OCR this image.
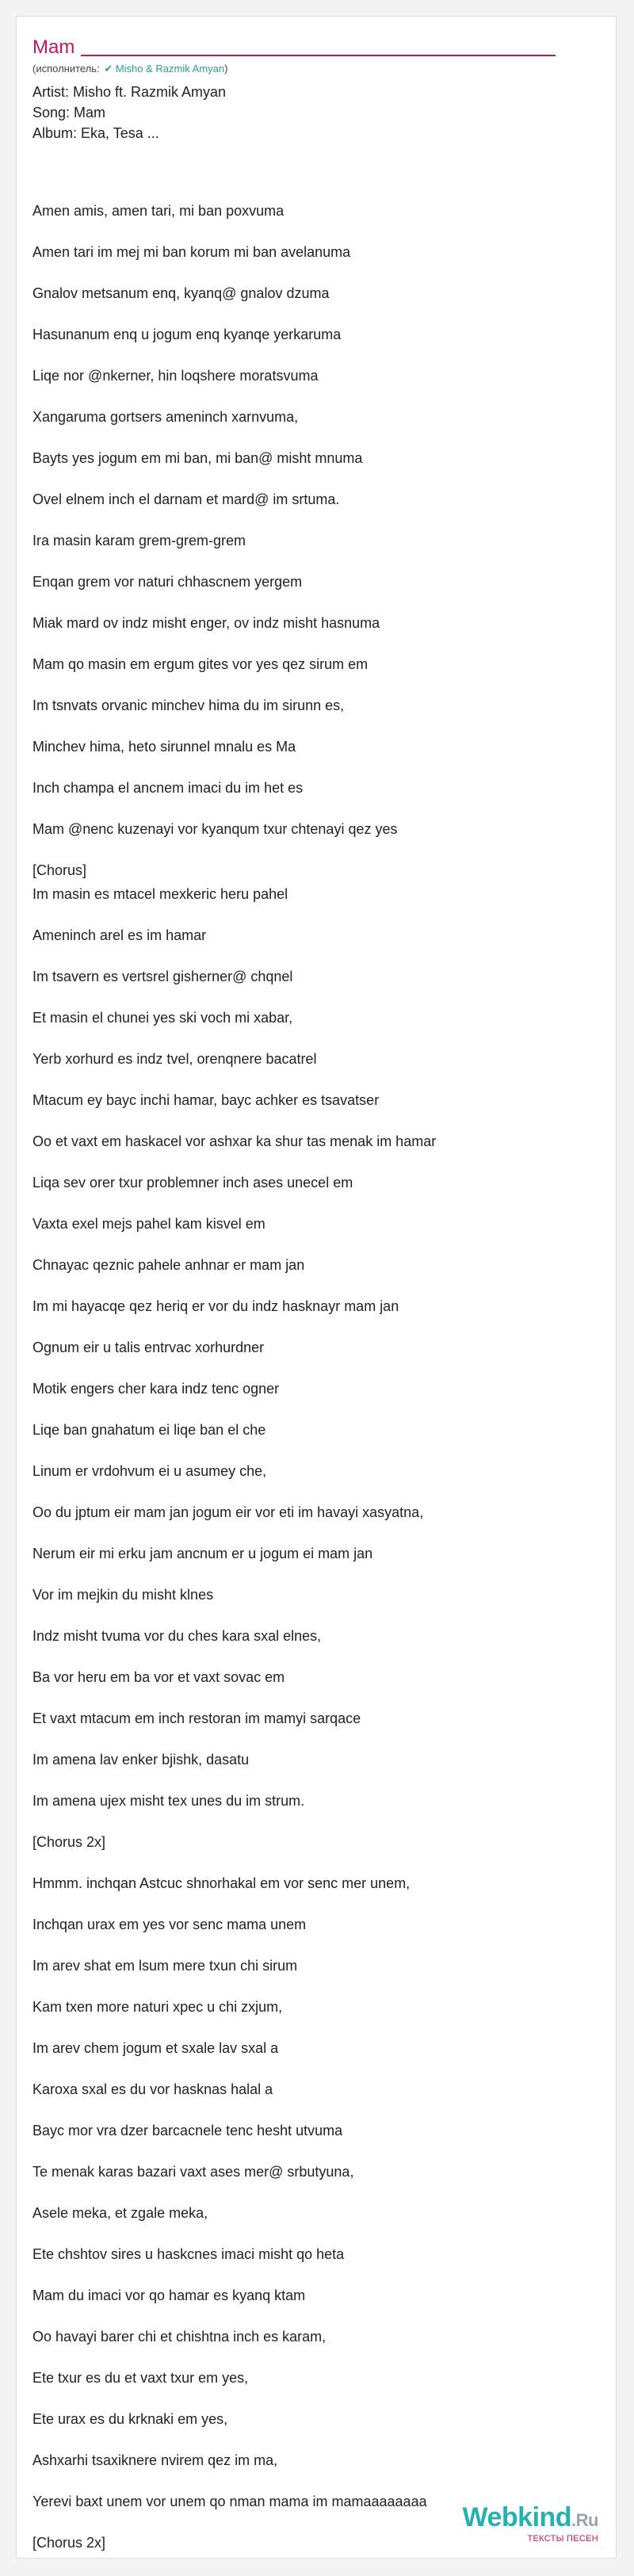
Mam
(исполнитель: ✔ Misho & Razmik Amyan)
Artist: Misho ft. Razmik Amyan
Song: Mam
Album: Eka, Tesa ...
Amen amis, amen tari, mi ban poxvuma
Amen tari im mej mi ban korum mi ban avelanuma
Gnalov metsanum enq, kyanq@ gnalov dzuma
Hasunanum enq u jogum enq kyanqe yerkaruma
Liqe nor @nkerner, hin loqshere moratsvuma
Xangaruma gortsers ameninch xarnvuma,
Bayts yes jogum em mi ban, mi ban@ misht mnuma
Ovel elnem inch el darnam et mard@ im srtuma.
Ira masin karam grem-grem-grem
Enqan grem vor naturi chhascnem yergem
Miak mard ov indz misht enger, ov indz misht hasnuma
Mam qo masin em ergum gites vor yes qez sirum em
Im tsnvats orvanic minchev hima du im sirunn es,
Minchev hima, heto sirunnel mnalu es Ma
Inch champa el ancnem imaci du im het es
Mam @nenc kuzenayi vor kyanqum txur chtenayi qez yes
[Chorus]
Im masin es mtacel mexkeric heru pahel
Ameninch arel es im hamar
Im tsavern es vertsrel gisherner@ chqnel
Et masin el chunei yes ski voch mi xabar,
Yerb xorhurd es indz tvel, orenqnere bacatrel
Mtacum ey bayc inchi hamar, bayc achker es tsavatser
Oo et vaxt em haskacel vor ashxar ka shur tas menak im hamar
Liqa sev orer txur problemner inch ases unecel em
Vaxta exel mejs pahel kam kisvel em
Chnayac qeznic pahele anhnar er mam jan
Im mi hayacqe qez heriq er vor du indz hasknayr mam jan
Ognum eir u talis entrvac xorhurdner
Motik engers cher kara indz tenc ogner
Liqe ban gnahatum ei liqe ban el che
Linum er vrdohvum ei u asumey che,
Oo du jptum eir mam jan jogum eir vor eti im havayi xasyatna,
Nerum eir mi erku jam ancnum er u jogum ei mam jan
Vor im mejkin du misht klnes
Indz misht tvuma vor du ches kara sxal elnes,
Ba vor heru em ba vor et vaxt sovac em
Et vaxt mtacum em inch restoran im mamyi sarqace
Im amena lav enker bjishk, dasatu
Im amena ujex misht tex unes du im strum.
[Chorus 2x]
Hmmm. inchqan Astcuc shnorhakal em vor senc mer unem,
Inchqan urax em yes vor senc mama unem
Im arev shat em lsum mere txun chi sirum
Kam txen more naturi xpec u chi zxjum,
Im arev chem jogum et sxale lav sxal a
Karoxa sxal es du vor hasknas halal a
Bayc mor vra dzer barcacnele tenc hesht utvuma
Te menak karas bazari vaxt ases mer@ srbutyuna,
Asele meka, et zgale meka,
Ete chshtov sires u haskcnes imaci misht qo heta
Mam du imaci vor qo hamar es kyanq ktam
Oo havayi barer chi et chishtna inch es karam,
Ete txur es du et vaxt txur em yes,
Ete urax es du krknaki em yes,
Ashxarhi tsaxiknere nvirem qez im ma,
Yerevi baxt unem vor unem qo nman mama im mamaaaaaaaa
[Chorus 2x]
Webkind.Ru
ТЕКСТЫ ПЕСЕН
